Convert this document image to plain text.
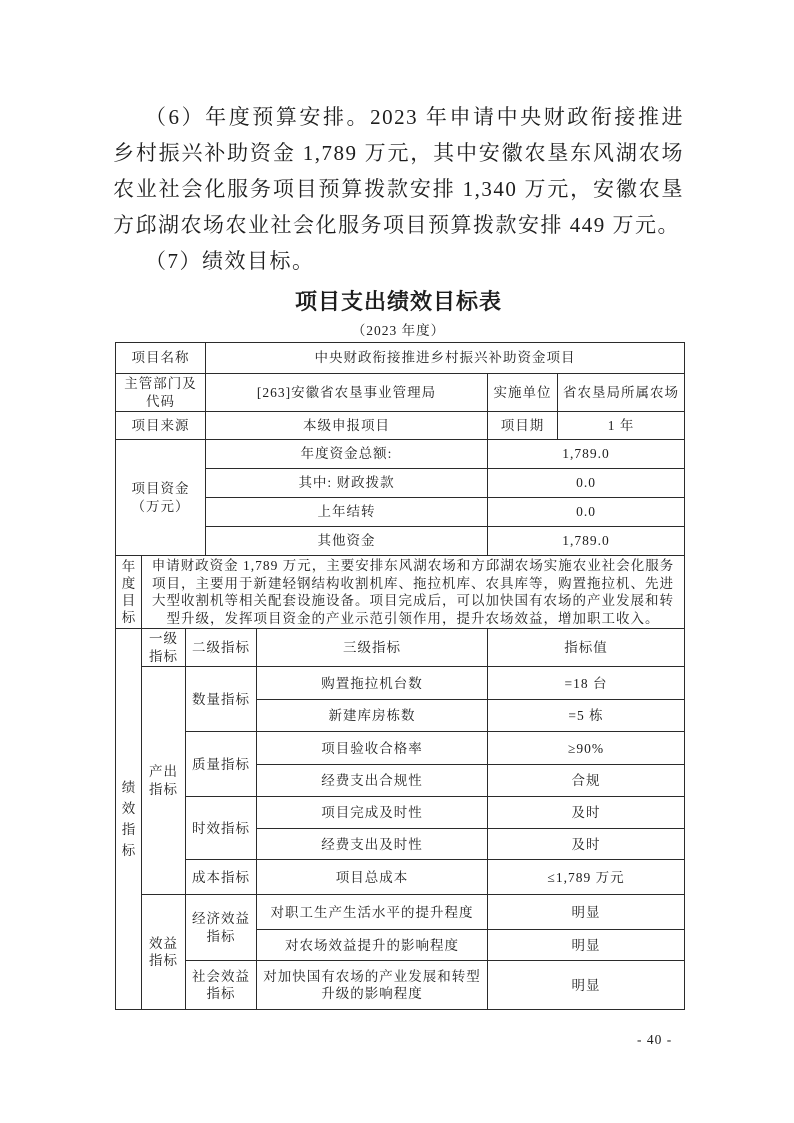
（6）年度预算安排。2023 年申请中央财政衔接推进乡村振兴补助资金 1,789 万元，其中安徽农垦东风湖农场农业社会化服务项目预算拨款安排 1,340 万元，安徽农垦方邱湖农场农业社会化服务项目预算拨款安排 449 万元。

（7）绩效目标。

项目支出绩效目标表
（2023 年度）
项目名称			中央财政衔接推进乡村振兴补助资金项目			
主管部门及代码			[263]安徽省农垦事业管理局		实施单位	省农垦局所属农场
项目来源			本级申报项目		项目期	1 年

项目资金
（万元）			年度资金总额:		1,789.0	
			其中: 财政拨款		0.0	
			上年结转		0.0	
			其他资金		1,789.0	

年度目标	申请财政资金 1,789 万元，主要安排东风湖农场和方邱湖农场实施农业社会化服务项目，主要用于新建轻钢结构收割机库、拖拉机库、农具库等，购置拖拉机、先进大型收割机等相关配套设施设备。项目完成后，可以加快国有农场的产业发展和转型升级，发挥项目资金的产业示范引领作用，提升农场效益，增加职工收入。					

绩效指标	一级指标	二级指标		三级指标	指标值	
	产出指标	数量指标		购置拖拉机台数	=18 台	
				新建库房栋数	=5 栋	
		质量指标		项目验收合格率	≥90%	
				经费支出合规性	合规	
		时效指标		项目完成及时性	及时	
				经费支出及时性	及时	
		成本指标		项目总成本	≤1,789 万元	
	效益指标	经济效益指标		对职工生产生活水平的提升程度	明显	
				对农场效益提升的影响程度	明显	
		社会效益指标		对加快国有农场的产业发展和转型升级的影响程度	明显	
- 40 -
